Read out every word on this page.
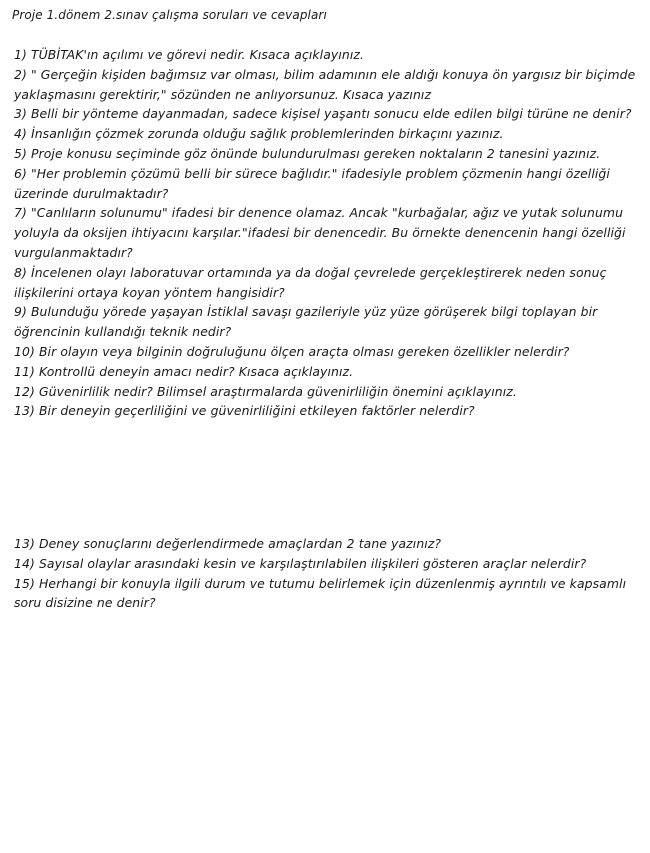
Proje 1.dönem 2.sınav çalışma soruları ve cevapları

1) TÜBİTAK'ın açılımı ve görevi nedir. Kısaca açıklayınız.

2) " Gerçeğin kişiden bağımsız var olması, bilim adamının ele aldığı konuya ön yargısız bir biçimde yaklaşmasını gerektirir," sözünden ne anlıyorsunuz. Kısaca yazınız

3) Belli bir yönteme dayanmadan, sadece kişisel yaşantı sonucu elde edilen bilgi türüne ne denir?

4) İnsanlığın çözmek zorunda olduğu sağlık problemlerinden birkaçını yazınız.

5) Proje konusu seçiminde göz önünde bulundurulması gereken noktaların 2 tanesini yazınız.

6) "Her problemin çözümü belli bir sürece bağlıdır." ifadesiyle problem çözmenin hangi özelliği üzerinde durulmaktadır?

7) "Canlıların solunumu" ifadesi bir denence olamaz. Ancak "kurbağalar, ağız ve yutak solunumu yoluyla da oksijen ihtiyacını karşılar."ifadesi bir denencedir. Bu örnekte denencenin hangi özelliği vurgulanmaktadır?

8) İncelenen olayı laboratuvar ortamında ya da doğal çevrelede gerçekleştirerek neden sonuç ilişkilerini ortaya koyan yöntem hangisidir?

9) Bulunduğu yörede yaşayan İstiklal savaşı gazileriyle yüz yüze görüşerek bilgi toplayan bir öğrencinin kullandığı teknik nedir?

10) Bir olayın veya bilginin doğruluğunu ölçen araçta olması gereken özellikler nelerdir?

11) Kontrollü deneyin amacı nedir? Kısaca açıklayınız.

12) Güvenirlilik nedir? Bilimsel araştırmalarda güvenirliliğin önemini açıklayınız.

13) Bir deneyin geçerliliğini ve güvenirliliğini etkileyen faktörler nelerdir?

13) Deney sonuçlarını değerlendirmede amaçlardan 2 tane yazınız?

14) Sayısal olaylar arasındaki kesin ve karşılaştırılabilen ilişkileri gösteren araçlar nelerdir?

15) Herhangi bir konuyla ilgili durum ve tutumu belirlemek için düzenlenmiş ayrıntılı ve kapsamlı soru disizine ne denir?
